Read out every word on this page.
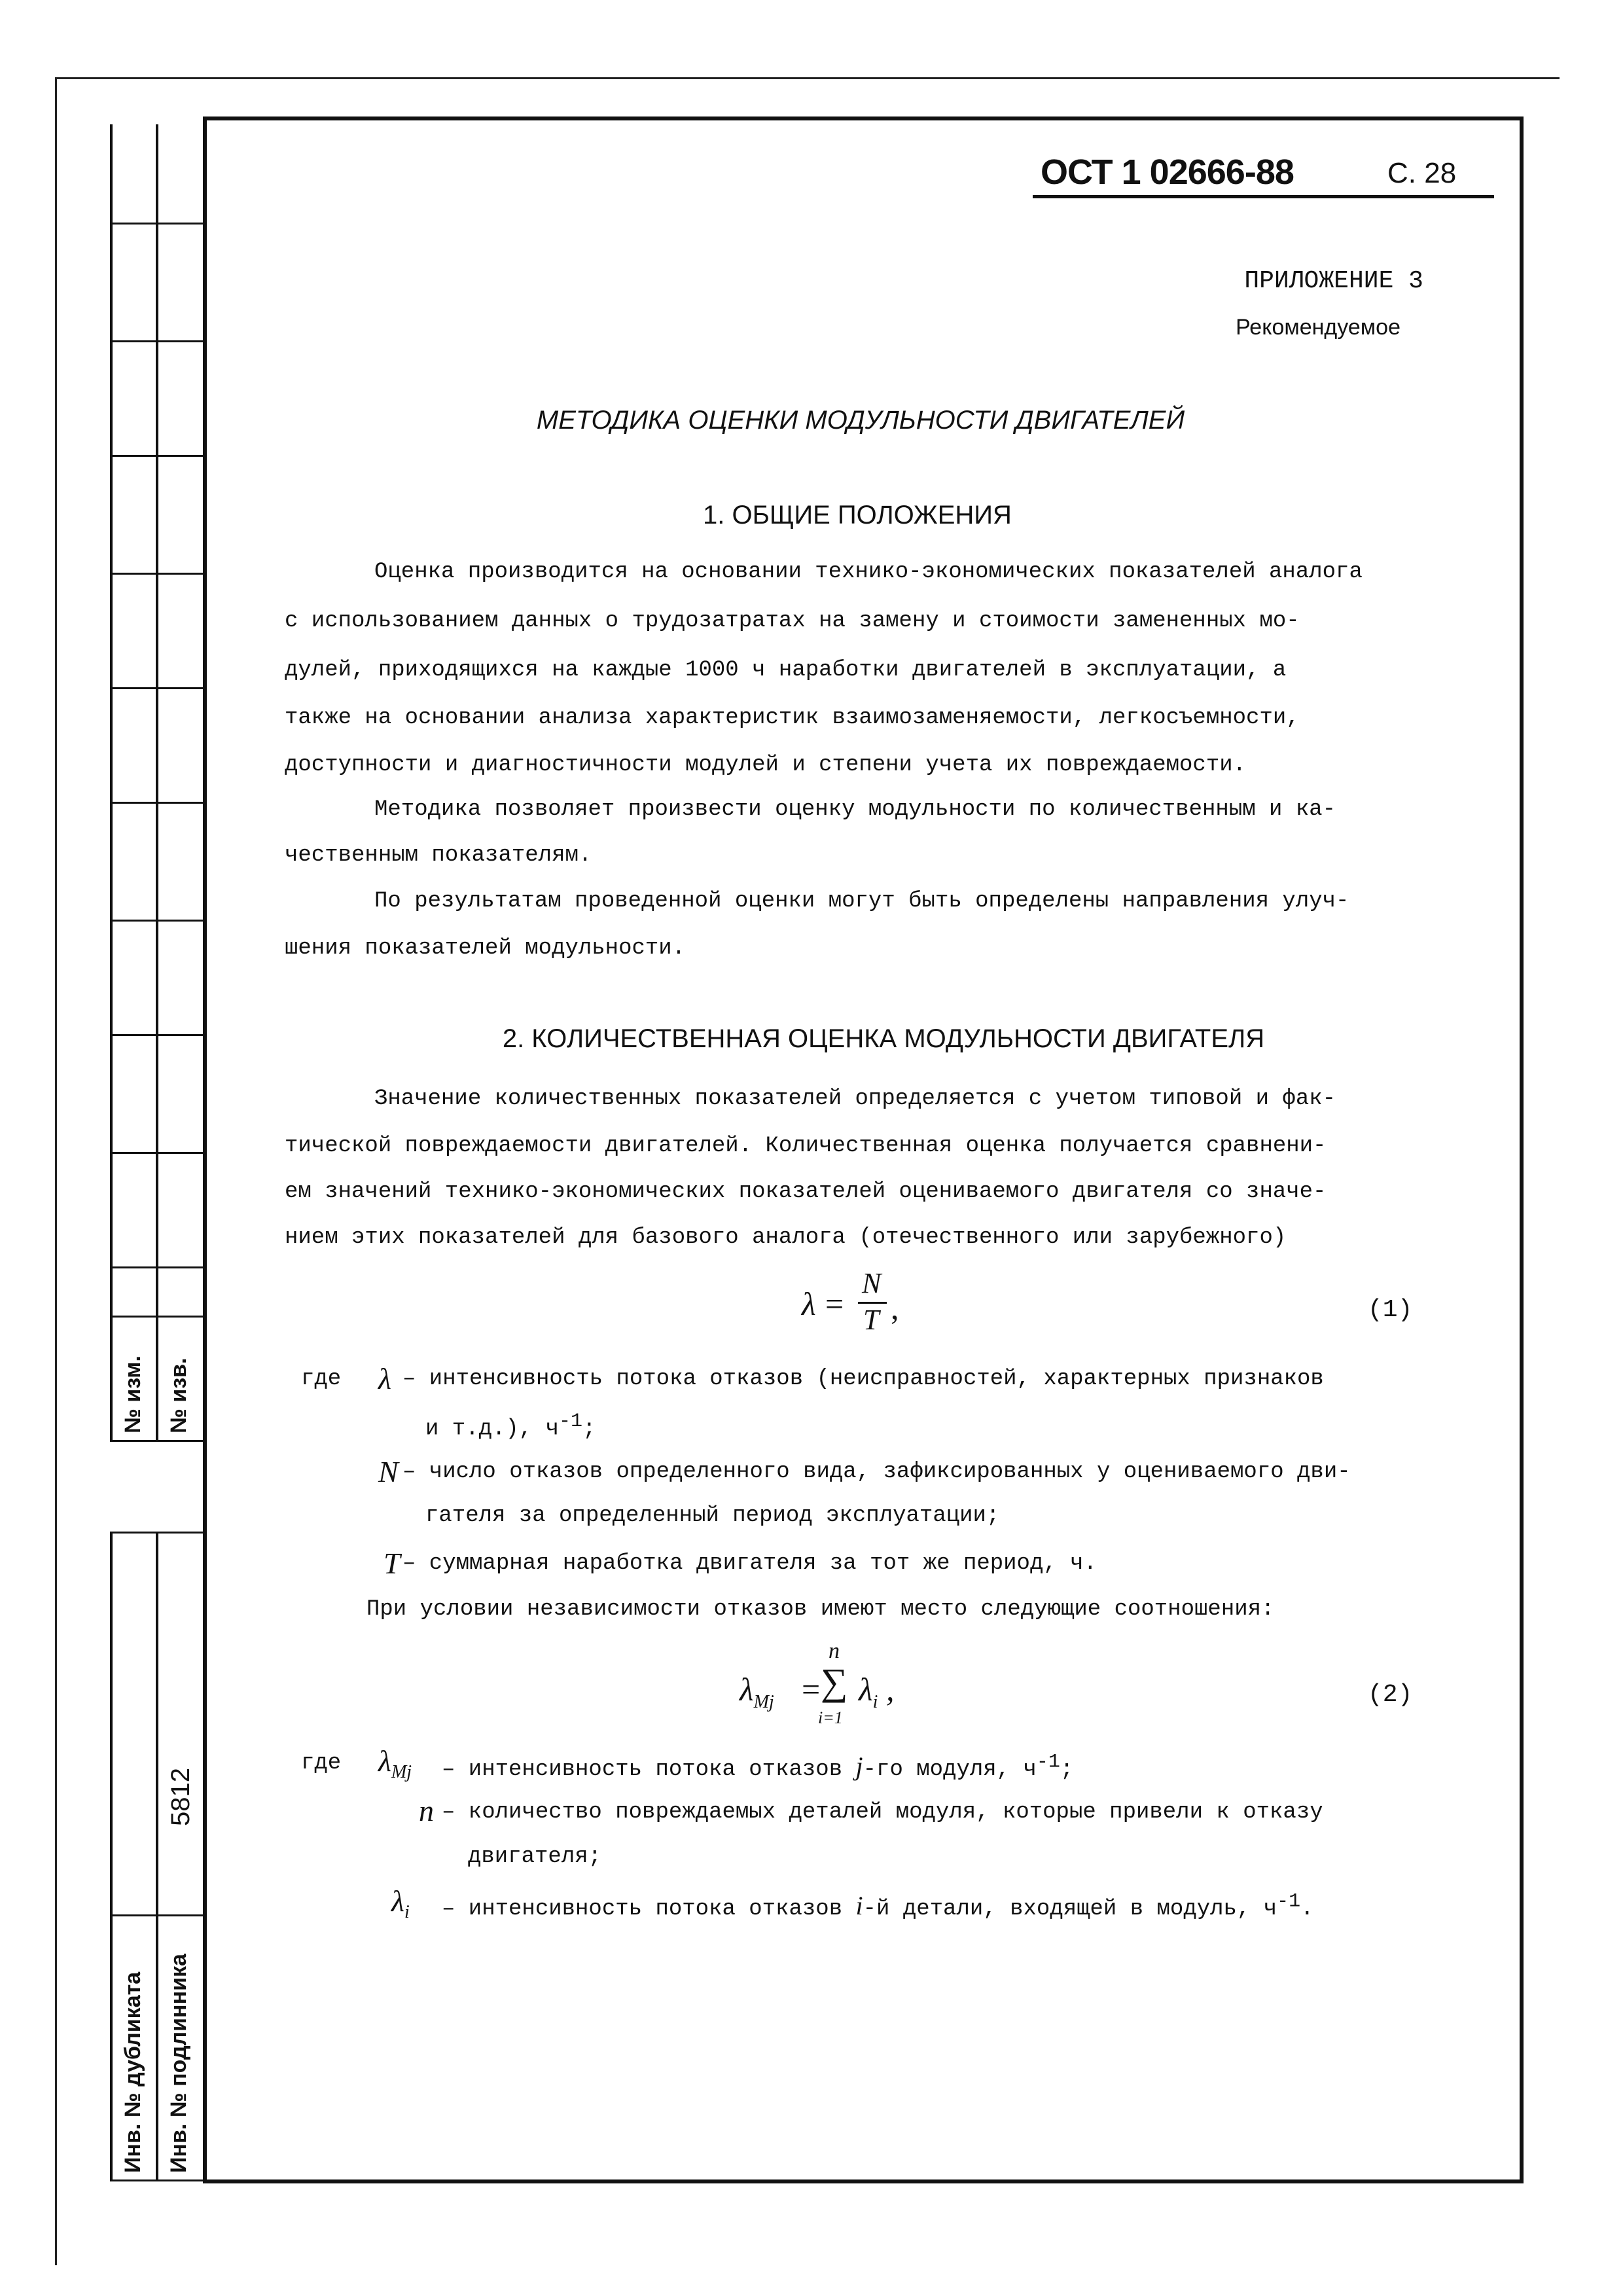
№ изм. № изв.
5812
Инв. № дубликата Инв. № подлинника
ОСТ 1 02666-88	С. 28
ПРИЛОЖЕНИЕ 3
Рекомендуемое
МЕТОДИКА ОЦЕНКИ МОДУЛЬНОСТИ ДВИГАТЕЛЕЙ
1. ОБЩИЕ ПОЛОЖЕНИЯ
Оценка производится на основании технико-экономических показателей аналога
с использованием данных о трудозатратах на замену и стоимости замененных мо-
дулей, приходящихся на каждые 1000 ч наработки двигателей в эксплуатации, а
также на основании анализа характеристик взаимозаменяемости, легкосъемности,
доступности и диагностичности модулей и степени учета их повреждаемости.
Методика позволяет произвести оценку модульности по количественным и ка-
чественным показателям.
По результатам проведенной оценки могут быть определены направления улуч-
шения показателей модульности.
2. КОЛИЧЕСТВЕННАЯ ОЦЕНКА МОДУЛЬНОСТИ ДВИГАТЕЛЯ
Значение количественных показателей определяется с учетом типовой и фак-
тической повреждаемости двигателей. Количественная оценка получается сравнени-
ем значений технико-экономических показателей оцениваемого двигателя со значе-
нием этих показателей для базового аналога (отечественного или зарубежного)
λ =
N
T ,	(1)
где λ – интенсивность потока отказов (неисправностей, характерных признаков
и т.д.), $ч^{-1}$;
N – число отказов определенного вида, зафиксированных у оцениваемого дви-
гателя за определенный период эксплуатации;
T – суммарная наработка двигателя за тот же период, ч.
При условии независимости отказов имеют место следующие соотношения:
$\lambda_{Mj}$ =
n
∑
i=1
$\lambda_i$ ,	(2)
где $\lambda_{Mj}$ – интенсивность потока отказов j-го модуля, $ч^{-1}$;
n – количество повреждаемых деталей модуля, которые привели к отказу
двигателя;
$\lambda_i$ – интенсивность потока отказов i-й детали, входящей в модуль, $ч^{-1}$.
